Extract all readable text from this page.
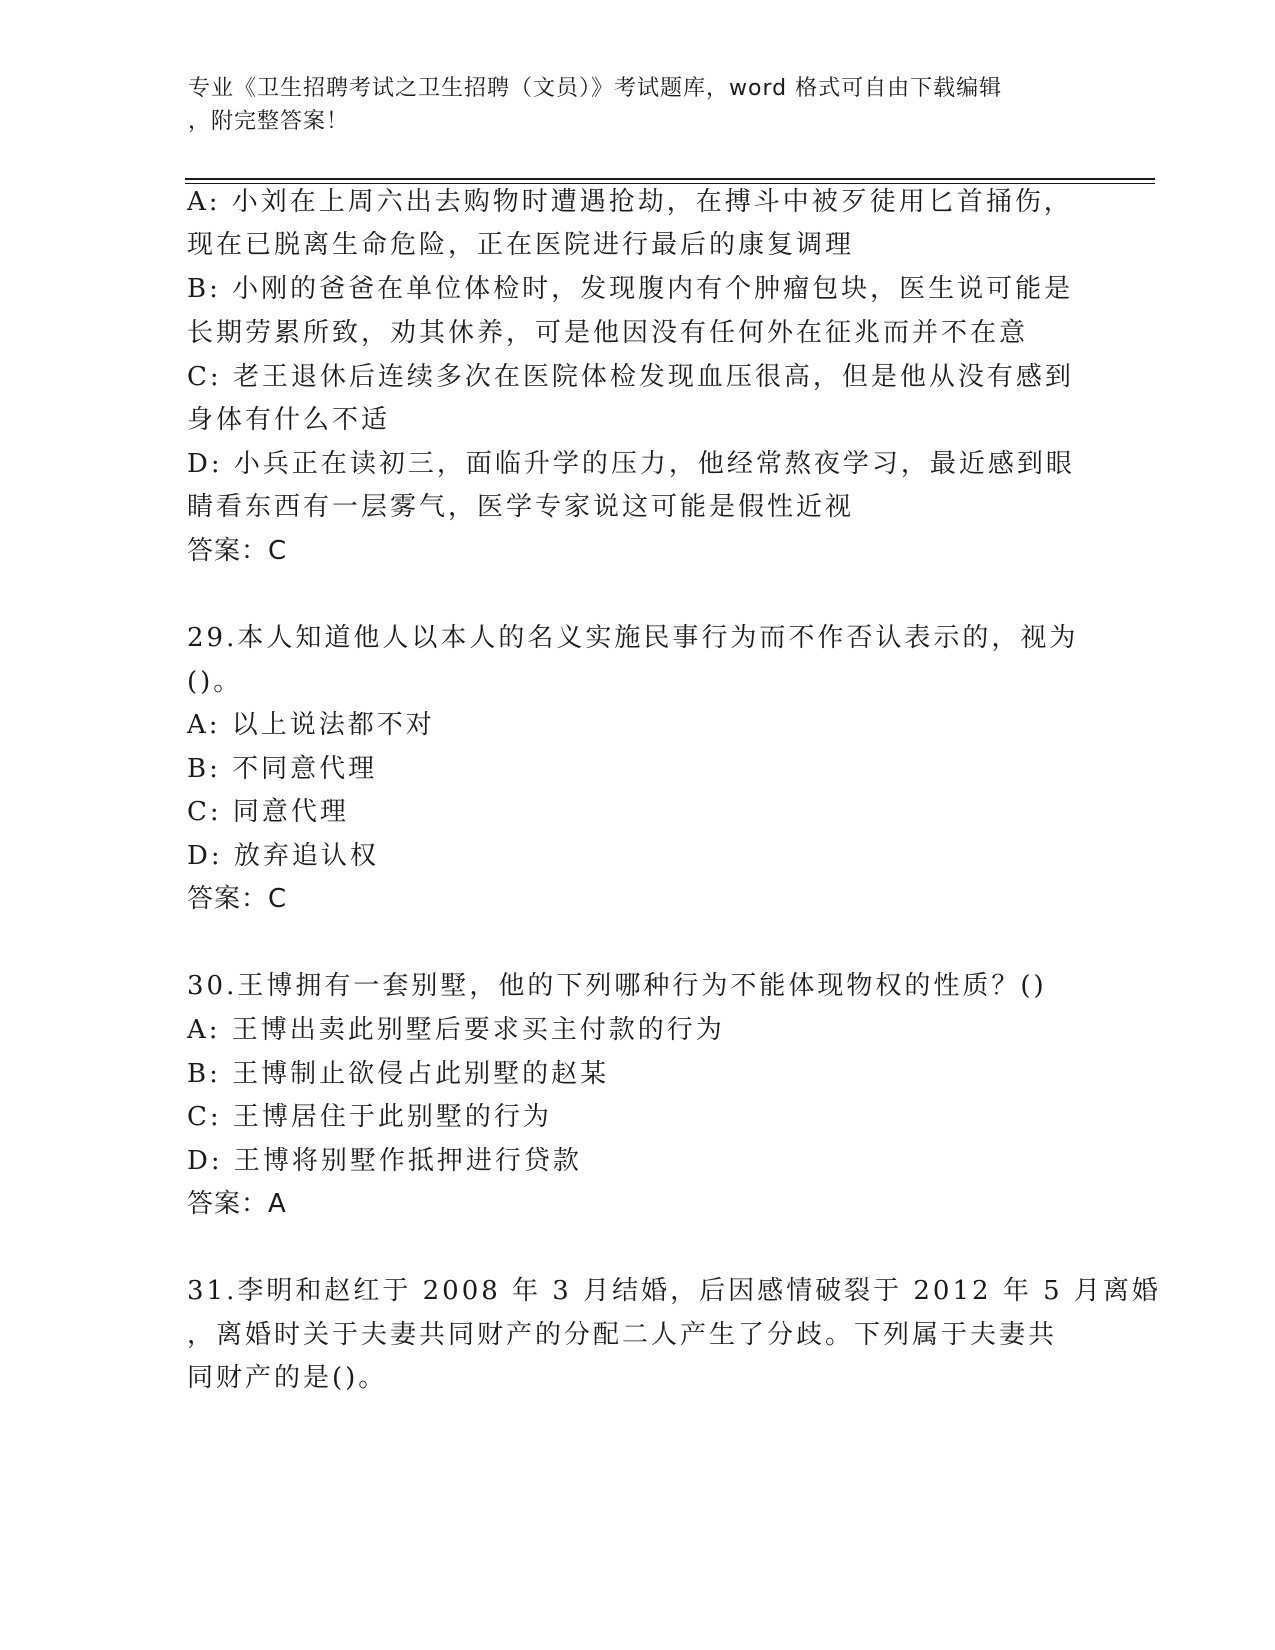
专业《卫生招聘考试之卫生招聘（文员）》考试题库，word 格式可自由下载编辑
，附完整答案！
A: 小刘在上周六出去购物时遭遇抢劫，在搏斗中被歹徒用匕首捅伤，
现在已脱离生命危险，正在医院进行最后的康复调理
B: 小刚的爸爸在单位体检时，发现腹内有个肿瘤包块，医生说可能是
长期劳累所致，劝其休养，可是他因没有任何外在征兆而并不在意
C: 老王退休后连续多次在医院体检发现血压很高，但是他从没有感到
身体有什么不适
D: 小兵正在读初三，面临升学的压力，他经常熬夜学习，最近感到眼
睛看东西有一层雾气，医学专家说这可能是假性近视
答案：C
29.本人知道他人以本人的名义实施民事行为而不作否认表示的，视为
()。
A: 以上说法都不对
B: 不同意代理
C: 同意代理
D: 放弃追认权
答案：C
30.王博拥有一套别墅，他的下列哪种行为不能体现物权的性质？()
A: 王博出卖此别墅后要求买主付款的行为
B: 王博制止欲侵占此别墅的赵某
C: 王博居住于此别墅的行为
D: 王博将别墅作抵押进行贷款
答案：A
31.李明和赵红于 2008 年 3 月结婚，后因感情破裂于 2012 年 5 月离婚
，离婚时关于夫妻共同财产的分配二人产生了分歧。下列属于夫妻共
同财产的是()。
